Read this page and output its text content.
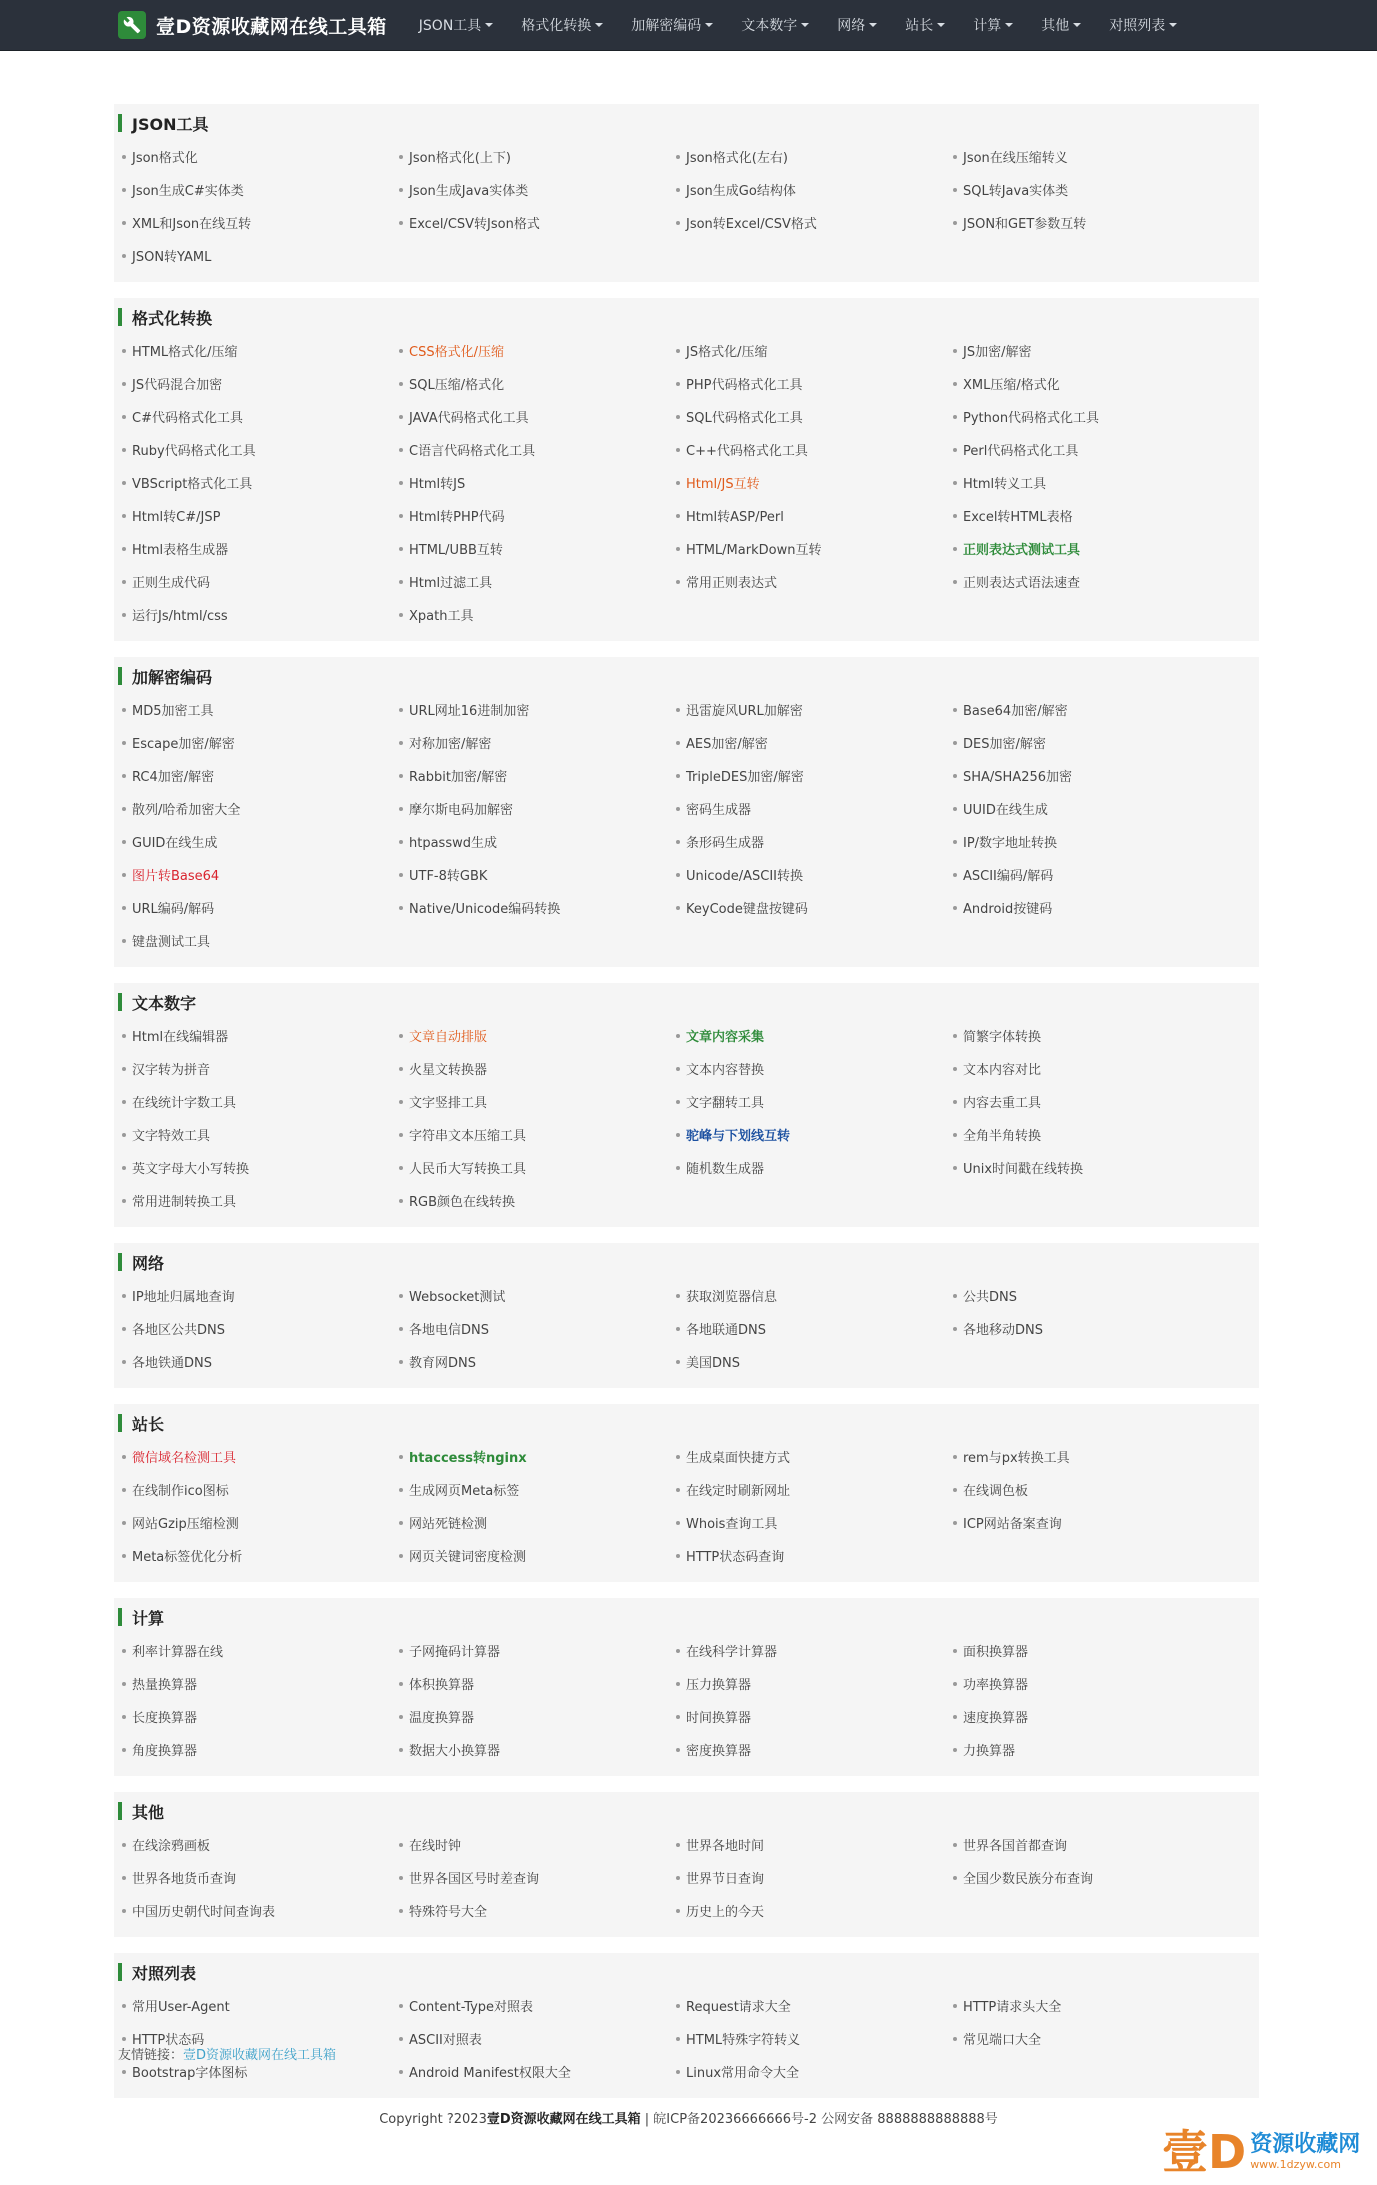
壹D资源收藏网在线工具箱 JSON工具	格式化转换	加解密编码	文本数字	网络	站长	计算	其他	对照列表
JSON工具
Json格式化	Json格式化(上下)	Json格式化(左右)	Json在线压缩转义
Json生成C#实体类	Json生成Java实体类	Json生成Go结构体	SQL转Java实体类
XML和Json在线互转	Excel/CSV转Json格式	Json转Excel/CSV格式	JSON和GET参数互转
JSON转YAML
格式化转换
HTML格式化/压缩	CSS格式化/压缩	JS格式化/压缩	JS加密/解密
JS代码混合加密	SQL压缩/格式化	PHP代码格式化工具	XML压缩/格式化
C#代码格式化工具	JAVA代码格式化工具	SQL代码格式化工具	Python代码格式化工具
Ruby代码格式化工具	C语言代码格式化工具	C++代码格式化工具	Perl代码格式化工具
VBScript格式化工具	Html转JS	Html/JS互转	Html转义工具
Html转C#/JSP	Html转PHP代码	Html转ASP/Perl	Excel转HTML表格
Html表格生成器	HTML/UBB互转	HTML/MarkDown互转	正则表达式测试工具
正则生成代码	Html过滤工具	常用正则表达式	正则表达式语法速查
运行Js/html/css	Xpath工具
加解密编码
MD5加密工具	URL网址16进制加密	迅雷旋风URL加解密	Base64加密/解密
Escape加密/解密	对称加密/解密	AES加密/解密	DES加密/解密
RC4加密/解密	Rabbit加密/解密	TripleDES加密/解密	SHA/SHA256加密
散列/哈希加密大全	摩尔斯电码加解密	密码生成器	UUID在线生成
GUID在线生成	htpasswd生成	条形码生成器	IP/数字地址转换
图片转Base64	UTF-8转GBK	Unicode/ASCII转换	ASCII编码/解码
URL编码/解码	Native/Unicode编码转换	KeyCode键盘按键码	Android按键码
键盘测试工具
文本数字
Html在线编辑器	文章自动排版	文章内容采集	简繁字体转换
汉字转为拼音	火星文转换器	文本内容替换	文本内容对比
在线统计字数工具	文字竖排工具	文字翻转工具	内容去重工具
文字特效工具	字符串文本压缩工具	驼峰与下划线互转	全角半角转换
英文字母大小写转换	人民币大写转换工具	随机数生成器	Unix时间戳在线转换
常用进制转换工具	RGB颜色在线转换
网络
IP地址归属地查询	Websocket测试	获取浏览器信息	公共DNS
各地区公共DNS	各地电信DNS	各地联通DNS	各地移动DNS
各地铁通DNS	教育网DNS	美国DNS
站长
微信域名检测工具	htaccess转nginx	生成桌面快捷方式	rem与px转换工具
在线制作ico图标	生成网页Meta标签	在线定时刷新网址	在线调色板
网站Gzip压缩检测	网站死链检测	Whois查询工具	ICP网站备案查询
Meta标签优化分析	网页关键词密度检测	HTTP状态码查询
计算
利率计算器在线	子网掩码计算器	在线科学计算器	面积换算器
热量换算器	体积换算器	压力换算器	功率换算器
长度换算器	温度换算器	时间换算器	速度换算器
角度换算器	数据大小换算器	密度换算器	力换算器
其他
在线涂鸦画板	在线时钟	世界各地时间	世界各国首都查询
世界各地货币查询	世界各国区号时差查询	世界节日查询	全国少数民族分布查询
中国历史朝代时间查询表	特殊符号大全	历史上的今天
对照列表
常用User-Agent	Content-Type对照表	Request请求大全	HTTP请求头大全
HTTP状态码	ASCII对照表	HTML特殊字符转义	常见端口大全
Bootstrap字体图标	Android Manifest权限大全	Linux常用命令大全
友情链接：壹D资源收藏网在线工具箱
Copyright ?2023壹D资源收藏网在线工具箱 | 皖ICP备20236666666号-2 公网安备 8888888888888号
壹D 资源收藏网
www.1dzyw.com
